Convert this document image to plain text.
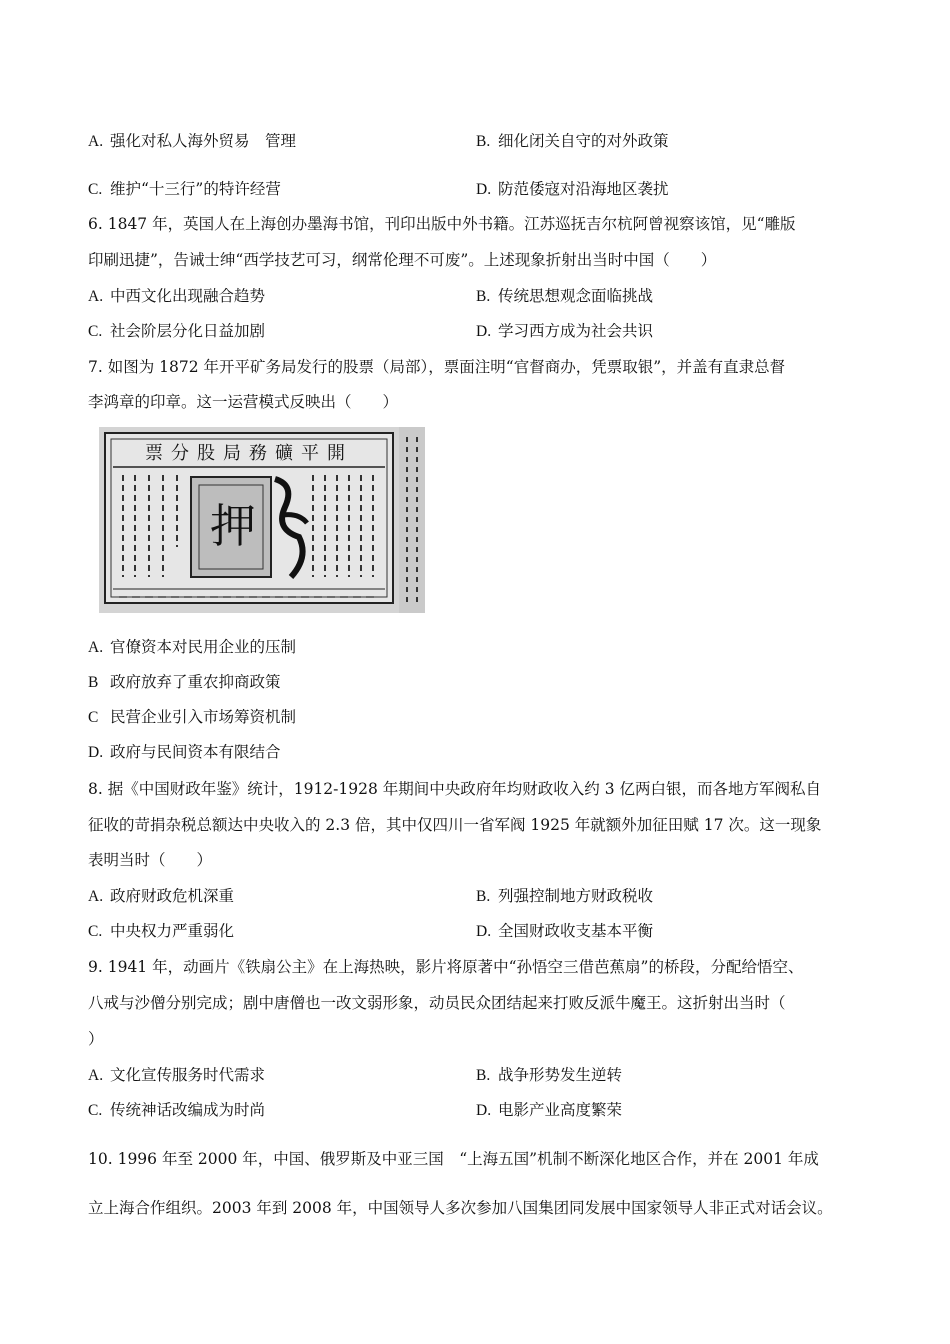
A. 强化对私人海外贸易　管理	B. 细化闭关自守的对外政策
C. 维护“十三行”的特许经营	D. 防范倭寇对沿海地区袭扰
6. 1847 年，英国人在上海创办墨海书馆，刊印出版中外书籍。江苏巡抚吉尔杭阿曾视察该馆，见“雕版
印刷迅捷”，告诫士绅“西学技艺可习，纲常伦理不可废”。上述现象折射出当时中国（　　）
A. 中西文化出现融合趋势	B. 传统思想观念面临挑战
C. 社会阶层分化日益加剧	D. 学习西方成为社会共识
7. 如图为 1872 年开平矿务局发行的股票（局部），票面注明“官督商办，凭票取银”，并盖有直隶总督
李鸿章的印章。这一运营模式反映出（　　）
票分股局務礦平開
押
A. 官僚资本对民用企业的压制
B 政府放弃了重农抑商政策
C 民营企业引入市场筹资机制
D. 政府与民间资本有限结合
8. 据《中国财政年鉴》统计，1912-1928 年期间中央政府年均财政收入约 3 亿两白银，而各地方军阀私自
征收的苛捐杂税总额达中央收入的 2.3 倍，其中仅四川一省军阀 1925 年就额外加征田赋 17 次。这一现象
表明当时（　　）
A. 政府财政危机深重	B. 列强控制地方财政税收
C. 中央权力严重弱化	D. 全国财政收支基本平衡
9. 1941 年，动画片《铁扇公主》在上海热映，影片将原著中“孙悟空三借芭蕉扇”的桥段，分配给悟空、
八戒与沙僧分别完成；剧中唐僧也一改文弱形象，动员民众团结起来打败反派牛魔王。这折射出当时（
）
A. 文化宣传服务时代需求	B. 战争形势发生逆转
C. 传统神话改编成为时尚	D. 电影产业高度繁荣
10. 1996 年至 2000 年，中国、俄罗斯及中亚三国　“上海五国”机制不断深化地区合作，并在 2001 年成
立上海合作组织。2003 年到 2008 年，中国领导人多次参加八国集团同发展中国家领导人非正式对话会议。
